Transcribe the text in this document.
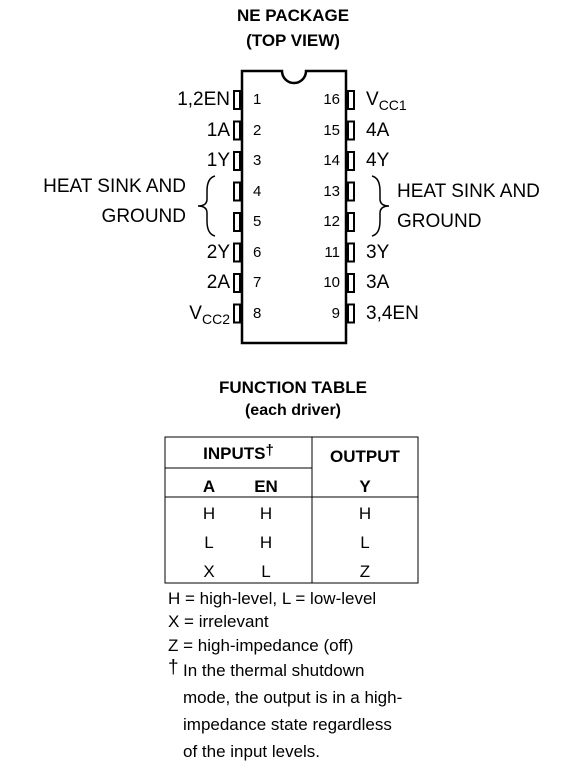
NE PACKAGE
(TOP VIEW)
1
1,2EN
2
1A
3
1Y
4
5
6
2Y
7
2A
8
$V_{CC2}$
16 $V_{CC1}$
15 4A
14 4Y
13
12
11 3Y
10 3A
9 3,4EN
HEAT SINK AND
GROUND
HEAT SINK AND
GROUND
FUNCTION TABLE
(each driver)
INPUTS†	OUTPUT
A	EN	Y
H	H	H
L	H	L
X	L	Z
H = high-level, L = low-level
X = irrelevant
Z = high-impedance (off)
† In the thermal shutdown
mode, the output is in a high-
impedance state regardless
of the input levels.
